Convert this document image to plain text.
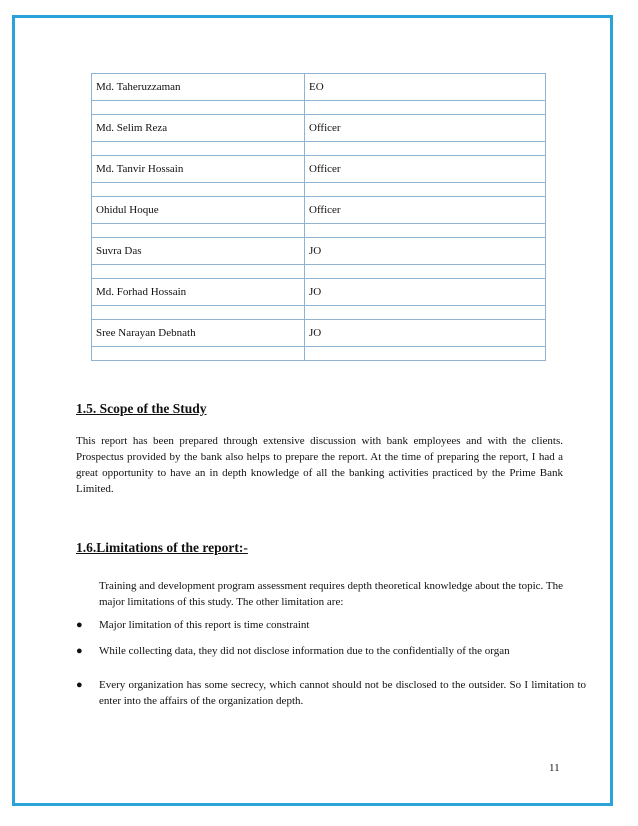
Md. Taheruzzaman	EO

Md. Selim Reza	Officer

Md. Tanvir Hossain	Officer

Ohidul Hoque	Officer

Suvra Das	JO

Md. Forhad Hossain	JO

Sree Narayan Debnath	JO

1.5. Scope of the Study

This report has been prepared through extensive discussion with bank employees and with the clients. Prospectus provided by the bank also helps to prepare the report. At the time of preparing the report, I had a great opportunity to have an in depth knowledge of all the banking activities practiced by the Prime Bank Limited.

1.6.Limitations of the report:-

Training and development program assessment requires depth theoretical knowledge about the topic. The major limitations of this study. The other limitation are:

● Major limitation of this report is time constraint
● While collecting data, they did not disclose information due to the confidentially of the organ
● Every organization has some secrecy, which cannot should not be disclosed to the outsider. So I limitation to enter into the affairs of the organization depth.
11
